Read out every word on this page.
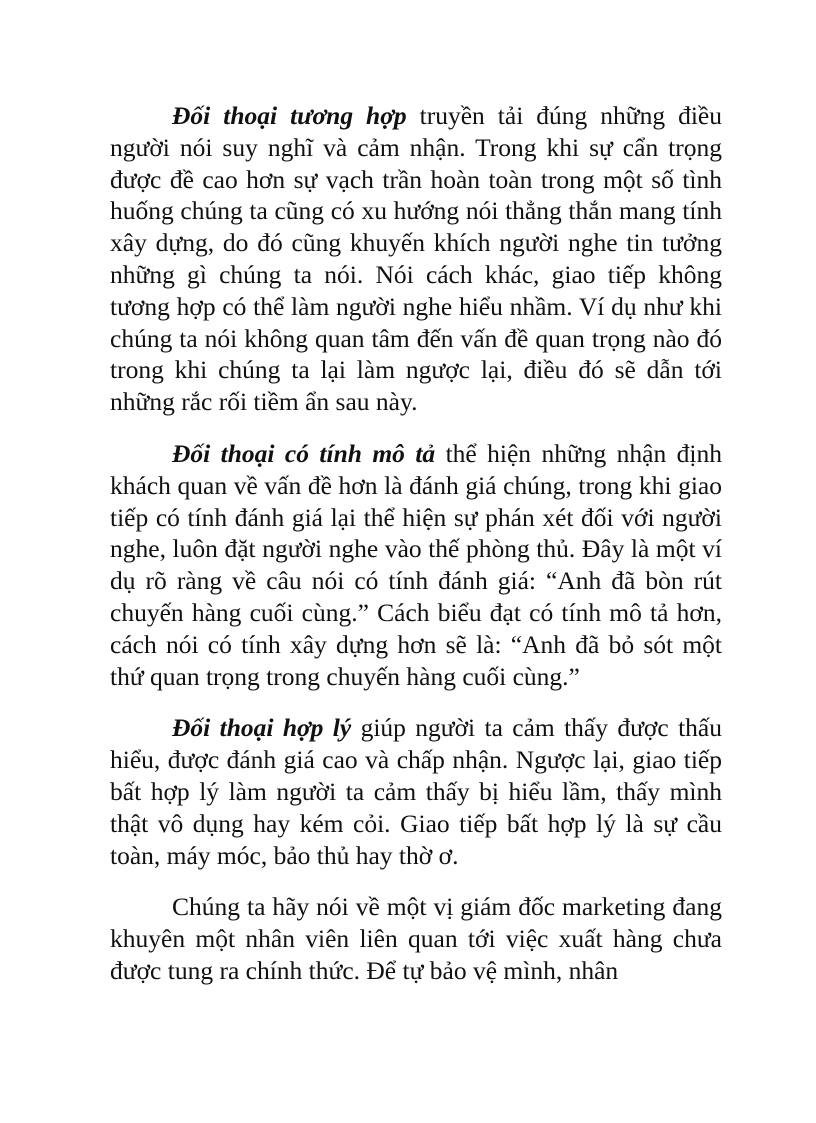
Đối thoại tương hợp truyền tải đúng những điều người nói suy nghĩ và cảm nhận. Trong khi sự cẩn trọng được đề cao hơn sự vạch trần hoàn toàn trong một số tình huống chúng ta cũng có xu hướng nói thẳng thắn mang tính xây dựng, do đó cũng khuyến khích người nghe tin tưởng những gì chúng ta nói. Nói cách khác, giao tiếp không tương hợp có thể làm người nghe hiểu nhầm. Ví dụ như khi chúng ta nói không quan tâm đến vấn đề quan trọng nào đó trong khi chúng ta lại làm ngược lại, điều đó sẽ dẫn tới những rắc rối tiềm ẩn sau này.

Đối thoại có tính mô tả thể hiện những nhận định khách quan về vấn đề hơn là đánh giá chúng, trong khi giao tiếp có tính đánh giá lại thể hiện sự phán xét đối với người nghe, luôn đặt người nghe vào thế phòng thủ. Đây là một ví dụ rõ ràng về câu nói có tính đánh giá: “Anh đã bòn rút chuyến hàng cuối cùng.” Cách biểu đạt có tính mô tả hơn, cách nói có tính xây dựng hơn sẽ là: “Anh đã bỏ sót một thứ quan trọng trong chuyến hàng cuối cùng.”

Đối thoại hợp lý giúp người ta cảm thấy được thấu hiểu, được đánh giá cao và chấp nhận. Ngược lại, giao tiếp bất hợp lý làm người ta cảm thấy bị hiểu lầm, thấy mình thật vô dụng hay kém cỏi. Giao tiếp bất hợp lý là sự cầu toàn, máy móc, bảo thủ hay thờ ơ.

Chúng ta hãy nói về một vị giám đốc marketing đang khuyên một nhân viên liên quan tới việc xuất hàng chưa được tung ra chính thức. Để tự bảo vệ mình, nhân
